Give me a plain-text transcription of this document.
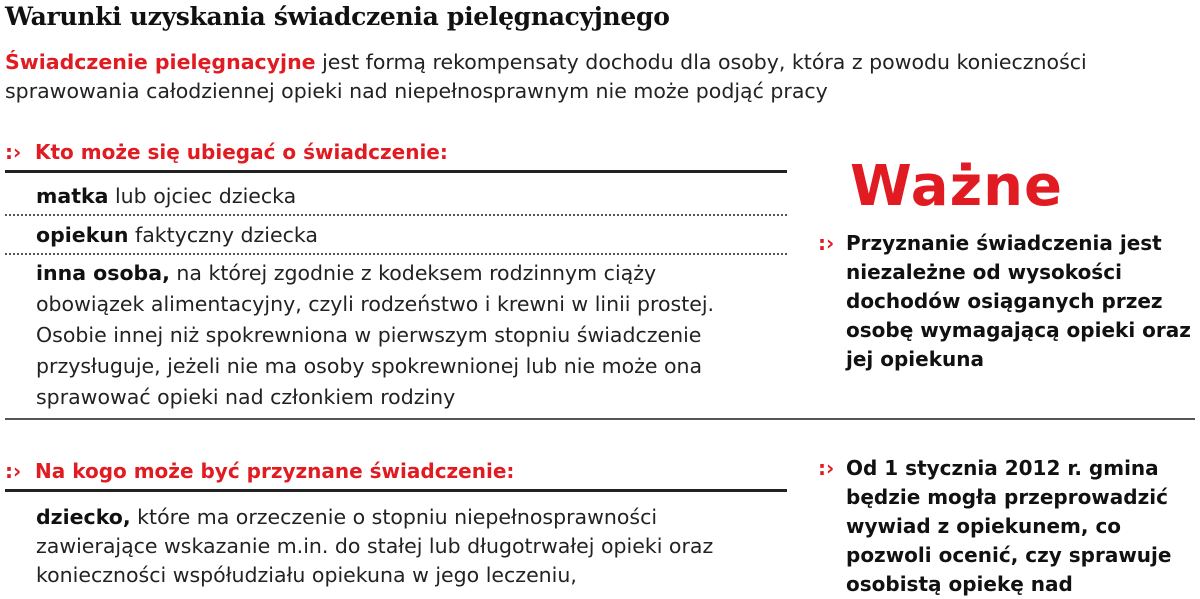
Warunki uzyskania świadczenia pielęgnacyjnego
Świadczenie pielęgnacyjne jest formą rekompensaty dochodu dla osoby, która z powodu konieczności sprawowania całodziennej opieki nad niepełnosprawnym nie może podjąć pracy
:› Kto może się ubiegać o świadczenie:
matka lub ojciec dziecka
opiekun faktyczny dziecka
inna osoba, na której zgodnie z kodeksem rodzinnym ciąży obowiązek alimentacyjny, czyli rodzeństwo i krewni w linii prostej. Osobie innej niż spokrewniona w pierwszym stopniu świadczenie przysługuje, jeżeli nie ma osoby spokrewnionej lub nie może ona sprawować opieki nad członkiem rodziny
:› Na kogo może być przyznane świadczenie:
dziecko, które ma orzeczenie o stopniu niepełnosprawności zawierające wskazanie m.in. do stałej lub długotrwałej opieki oraz konieczności współudziału opiekuna w jego leczeniu,
Ważne
:› Przyznanie świadczenia jest niezależne od wysokości dochodów osiąganych przez osobę wymagającą opieki oraz jej opiekuna
:› Od 1 stycznia 2012 r. gmina będzie mogła przeprowadzić wywiad z opiekunem, co pozwoli ocenić, czy sprawuje osobistą opiekę nad
